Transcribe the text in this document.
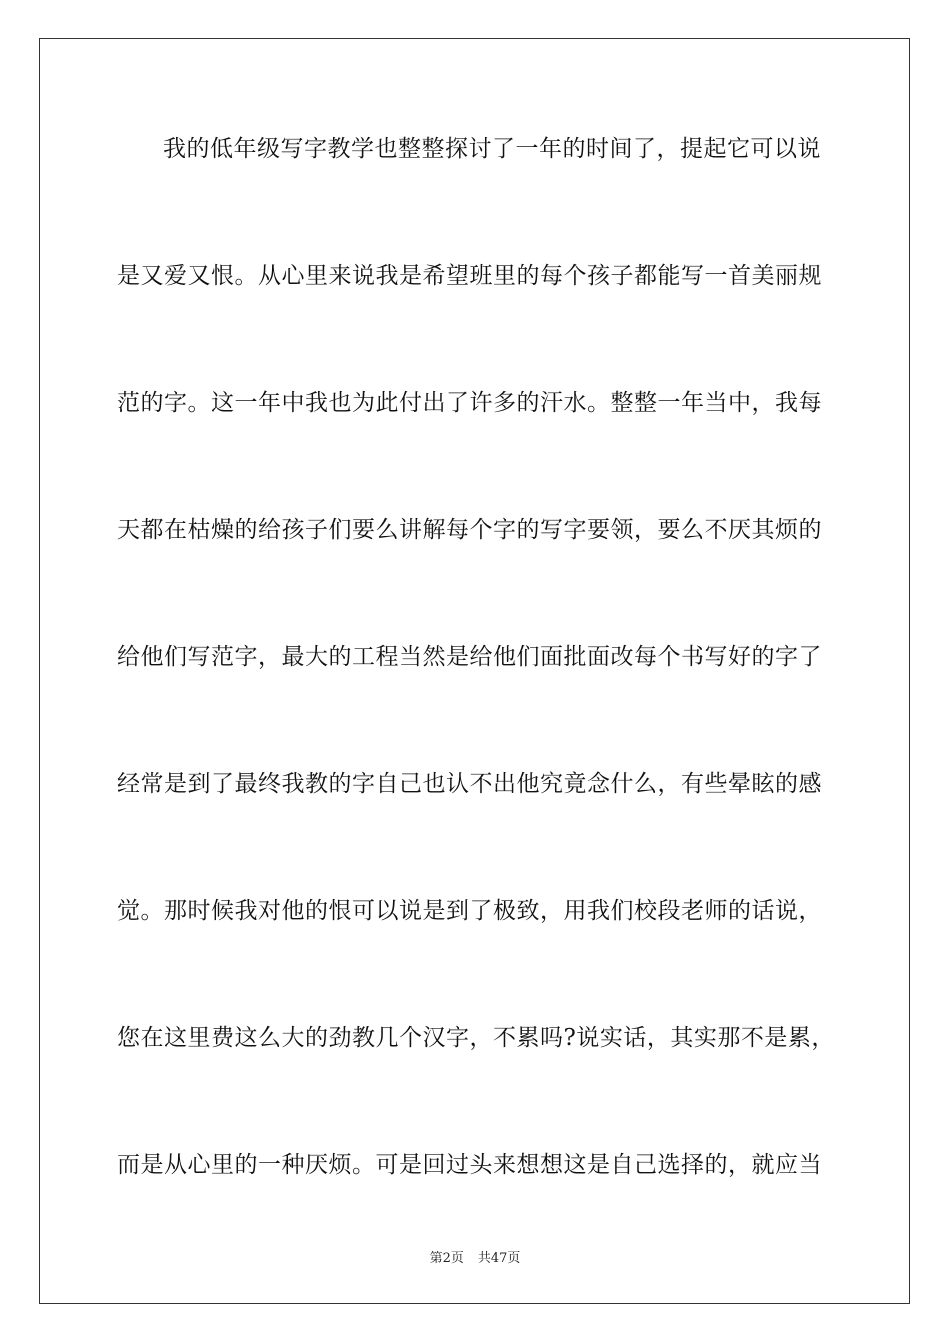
我的低年级写字教学也整整探讨了一年的时间了，提起它可以说
是又爱又恨。从心里来说我是希望班里的每个孩子都能写一首美丽规
范的字。这一年中我也为此付出了许多的汗水。整整一年当中，我每
天都在枯燥的给孩子们要么讲解每个字的写字要领，要么不厌其烦的
给他们写范字，最大的工程当然是给他们面批面改每个书写好的字了
经常是到了最终我教的字自己也认不出他究竟念什么，有些晕眩的感
觉。那时候我对他的恨可以说是到了极致，用我们校段老师的话说，
您在这里费这么大的劲教几个汉字，不累吗?说实话，其实那不是累，
而是从心里的一种厌烦。可是回过头来想想这是自己选择的，就应当
第2页 共47页
